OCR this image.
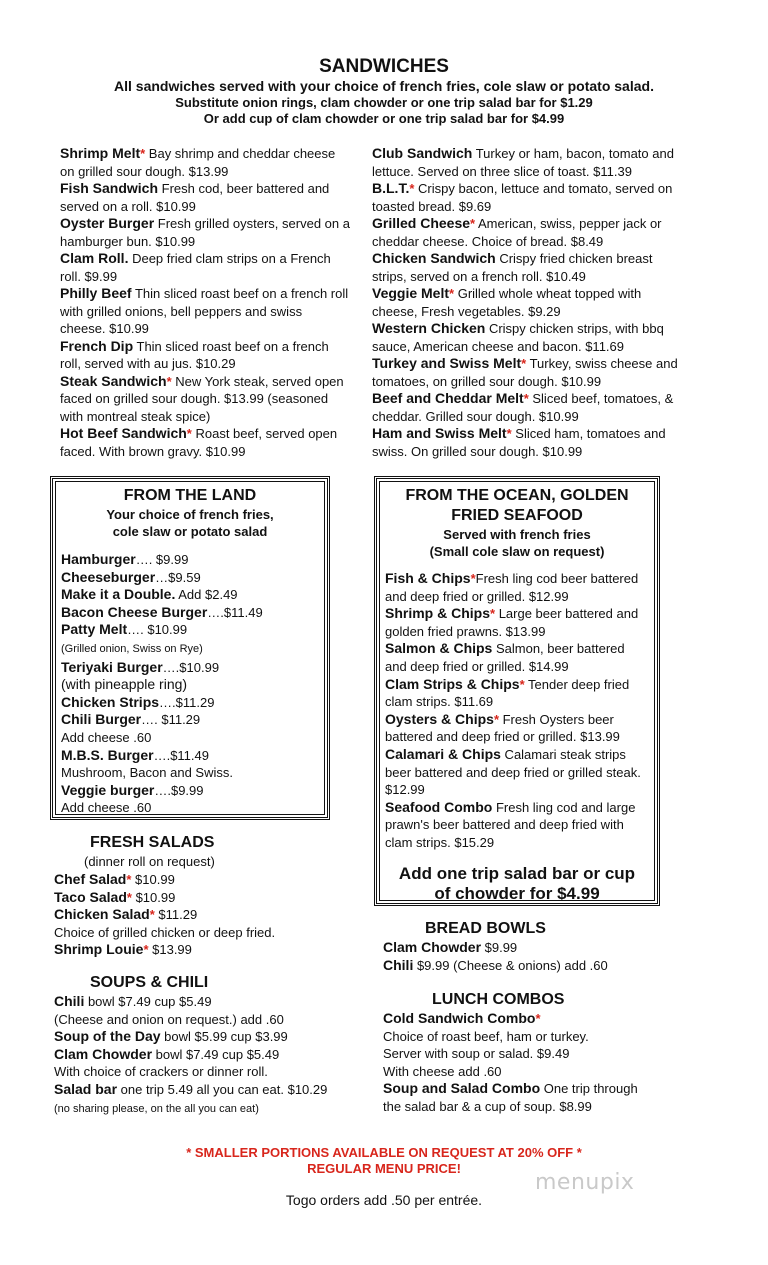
SANDWICHES
All sandwiches served with your choice of french fries, cole slaw or potato salad.
Substitute onion rings, clam chowder or one trip salad bar for $1.29
Or add cup of clam chowder or one trip salad bar for $4.99
Shrimp Melt* Bay shrimp and cheddar cheese on grilled sour dough. $13.99
Fish Sandwich Fresh cod, beer battered and served on a roll. $10.99
Oyster Burger Fresh grilled oysters, served on a hamburger bun. $10.99
Clam Roll. Deep fried clam strips on a French roll. $9.99
Philly Beef Thin sliced roast beef on a french roll with grilled onions, bell peppers and swiss cheese. $10.99
French Dip Thin sliced roast beef on a french roll, served with au jus. $10.29
Steak Sandwich* New York steak, served open faced on grilled sour dough. $13.99 (seasoned with montreal steak spice)
Hot Beef Sandwich* Roast beef, served open faced. With brown gravy. $10.99
Club Sandwich Turkey or ham, bacon, tomato and lettuce. Served on three slice of toast. $11.39
B.L.T.* Crispy bacon, lettuce and tomato, served on toasted bread. $9.69
Grilled Cheese* American, swiss, pepper jack or cheddar cheese. Choice of bread. $8.49
Chicken Sandwich Crispy fried chicken breast strips, served on a french roll. $10.49
Veggie Melt* Grilled whole wheat topped with cheese, Fresh vegetables. $9.29
Western Chicken Crispy chicken strips, with bbq sauce, American cheese and bacon. $11.69
Turkey and Swiss Melt* Turkey, swiss cheese and tomatoes, on grilled sour dough. $10.99
Beef and Cheddar Melt* Sliced beef, tomatoes, & cheddar. Grilled sour dough. $10.99
Ham and Swiss Melt* Sliced ham, tomatoes and swiss. On grilled sour dough. $10.99
FROM THE LAND
Your choice of french fries,
cole slaw or potato salad
Hamburger…. $9.99
Cheeseburger…$9.59
Make it a Double. Add $2.49
Bacon Cheese Burger….$11.49
Patty Melt…. $10.99
(Grilled onion, Swiss on Rye)
Teriyaki Burger….$10.99
(with pineapple ring)
Chicken Strips….$11.29
Chili Burger…. $11.29
Add cheese .60
M.B.S. Burger….$11.49
Mushroom, Bacon and Swiss.
Veggie burger….$9.99
Add cheese .60
FROM THE OCEAN, GOLDEN
FRIED SEAFOOD
Served with french fries
(Small cole slaw on request)
Fish & Chips*Fresh ling cod beer battered and deep fried or grilled. $12.99
Shrimp & Chips* Large beer battered and golden fried prawns. $13.99
Salmon & Chips Salmon, beer battered and deep fried or grilled. $14.99
Clam Strips & Chips* Tender deep fried clam strips. $11.69
Oysters & Chips* Fresh Oysters beer battered and deep fried or grilled. $13.99
Calamari & Chips Calamari steak strips beer battered and deep fried or grilled steak. $12.99
Seafood Combo Fresh ling cod and large prawn's beer battered and deep fried with clam strips. $15.29
Add one trip salad bar or cup
of chowder for $4.99
FRESH SALADS
(dinner roll on request)
Chef Salad* $10.99
Taco Salad* $10.99
Chicken Salad* $11.29
Choice of grilled chicken or deep fried.
Shrimp Louie* $13.99
SOUPS & CHILI
Chili bowl $7.49 cup $5.49
(Cheese and onion on request.) add .60
Soup of the Day bowl $5.99 cup $3.99
Clam Chowder bowl $7.49 cup $5.49
With choice of crackers or dinner roll.
Salad bar one trip 5.49 all you can eat. $10.29
(no sharing please, on the all you can eat)
BREAD BOWLS
Clam Chowder $9.99
Chili $9.99 (Cheese & onions) add .60
LUNCH COMBOS
Cold Sandwich Combo*
Choice of roast beef, ham or turkey.
Server with soup or salad. $9.49
With cheese add .60
Soup and Salad Combo One trip through
the salad bar & a cup of soup. $8.99
* SMALLER PORTIONS AVAILABLE ON REQUEST AT 20% OFF *
REGULAR MENU PRICE!
menupix
Togo orders add .50 per entrée.
